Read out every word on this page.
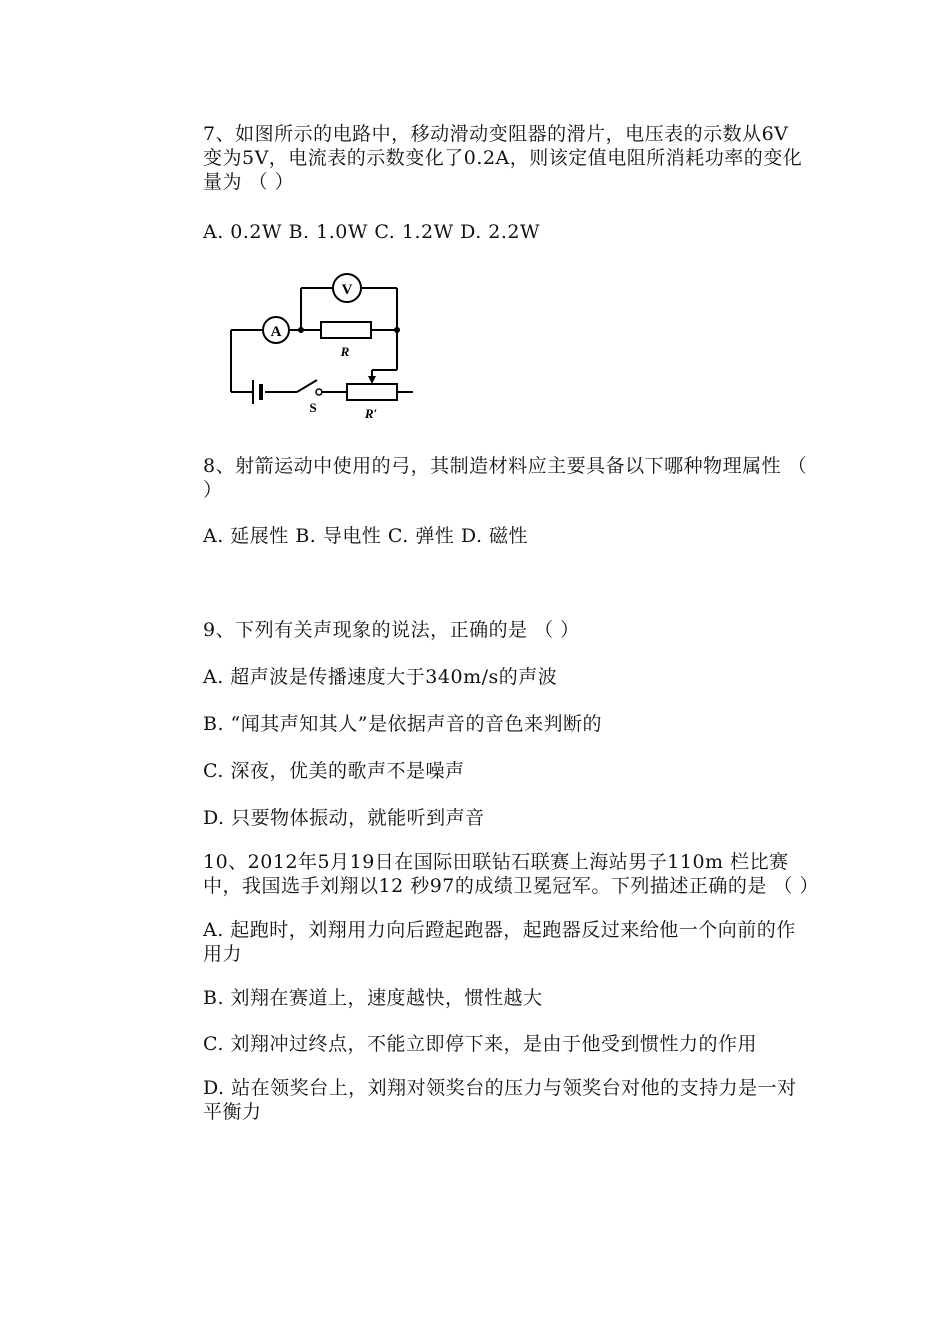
7、如图所示的电路中，移动滑动变阻器的滑片，电压表的示数从6V 变为5V，电流表的示数变化了0.2A，则该定值电阻所消耗功率的变化量为 （ ）

A. 0.2W B. 1.0W C. 1.2W D. 2.2W

A
V
R
R′
S

8、射箭运动中使用的弓，其制造材料应主要具备以下哪种物理属性 （ ）

A. 延展性 B. 导电性 C. 弹性 D. 磁性

9、下列有关声现象的说法，正确的是 （ ）

A. 超声波是传播速度大于340m/s的声波

B. “闻其声知其人”是依据声音的音色来判断的

C. 深夜，优美的歌声不是噪声

D. 只要物体振动，就能听到声音

10、2012年5月19日在国际田联钻石联赛上海站男子110m 栏比赛中，我国选手刘翔以12 秒97的成绩卫冕冠军。下列描述正确的是 （ ）

A. 起跑时，刘翔用力向后蹬起跑器，起跑器反过来给他一个向前的作用力

B. 刘翔在赛道上，速度越快，惯性越大

C. 刘翔冲过终点，不能立即停下来，是由于他受到惯性力的作用

D. 站在领奖台上，刘翔对领奖台的压力与领奖台对他的支持力是一对平衡力
